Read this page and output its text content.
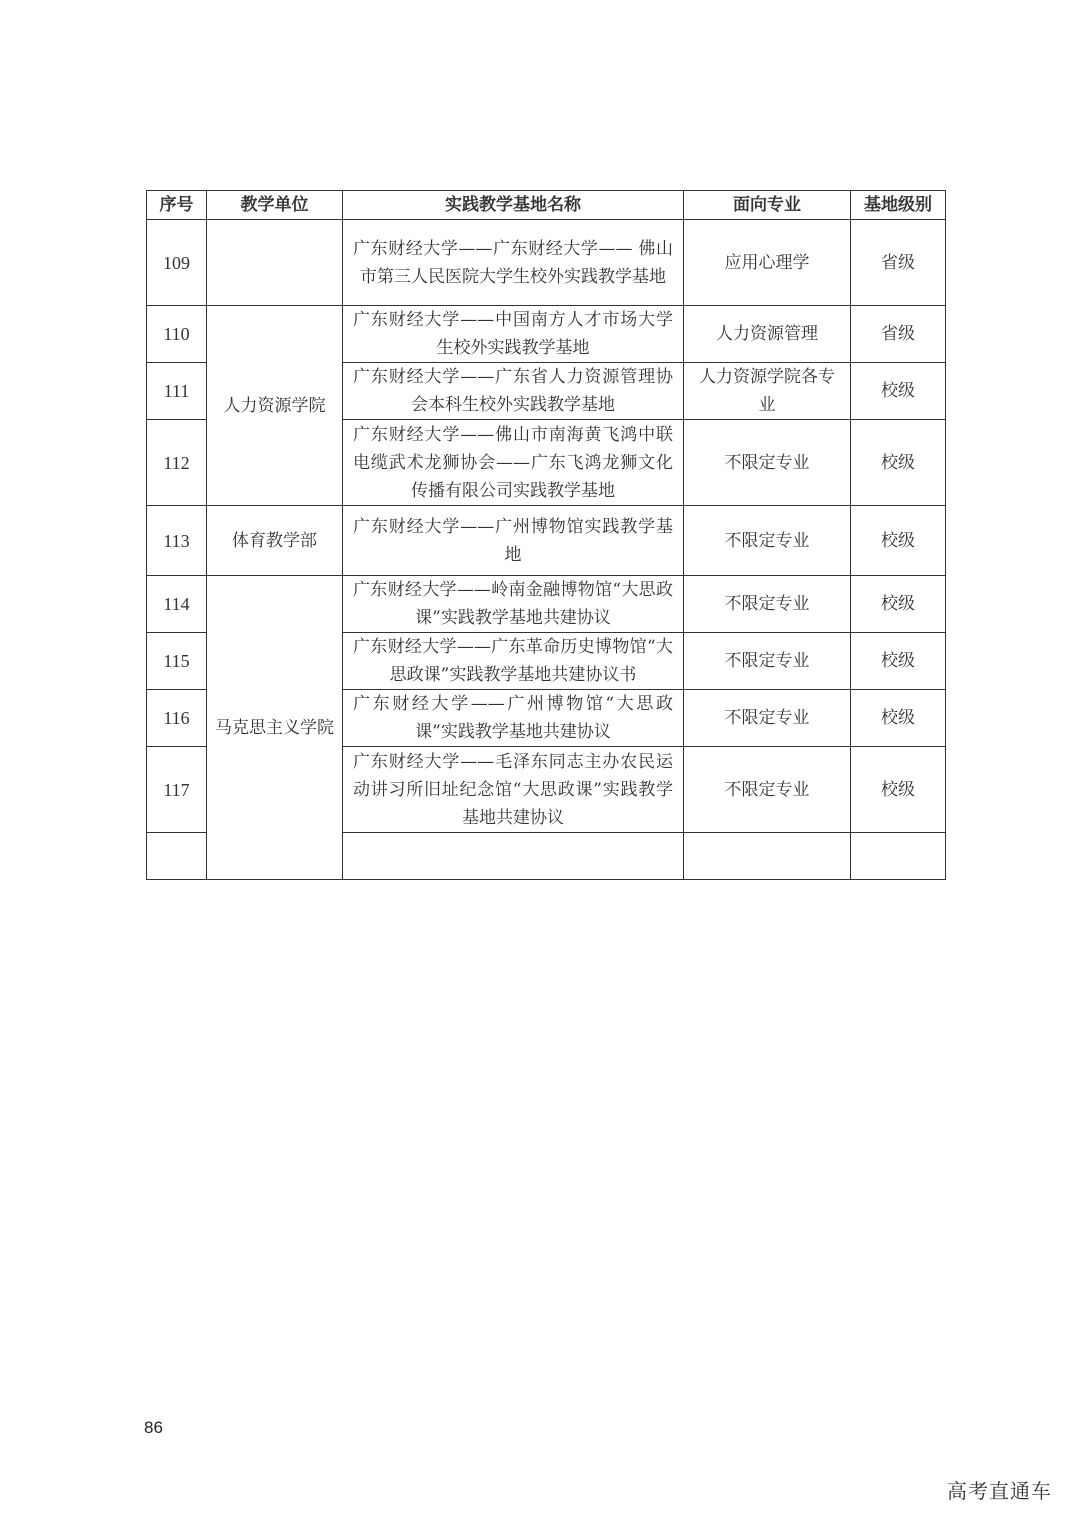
序号	教学单位	实践教学基地名称	面向专业	基地级别
109		广东财经大学——广东财经大学—— 佛山市第三人民医院大学生校外实践教学基地	应用心理学	省级
110	人力资源学院	广东财经大学——中国南方人才市场大学生校外实践教学基地	人力资源管理	省级
111		广东财经大学——广东省人力资源管理协会本科生校外实践教学基地	人力资源学院各专业	校级
112		广东财经大学——佛山市南海黄飞鸿中联电缆武术龙狮协会——广东飞鸿龙狮文化传播有限公司实践教学基地	不限定专业	校级
113	体育教学部	广东财经大学——广州博物馆实践教学基地	不限定专业	校级
114	马克思主义学院	广东财经大学——岭南金融博物馆“大思政课”实践教学基地共建协议	不限定专业	校级
115		广东财经大学——广东革命历史博物馆“大思政课”实践教学基地共建协议书	不限定专业	校级
116		广东财经大学——广州博物馆“大思政课”实践教学基地共建协议	不限定专业	校级
117		广东财经大学——毛泽东同志主办农民运动讲习所旧址纪念馆“大思政课”实践教学基地共建协议	不限定专业	校级

86
高考直通车
